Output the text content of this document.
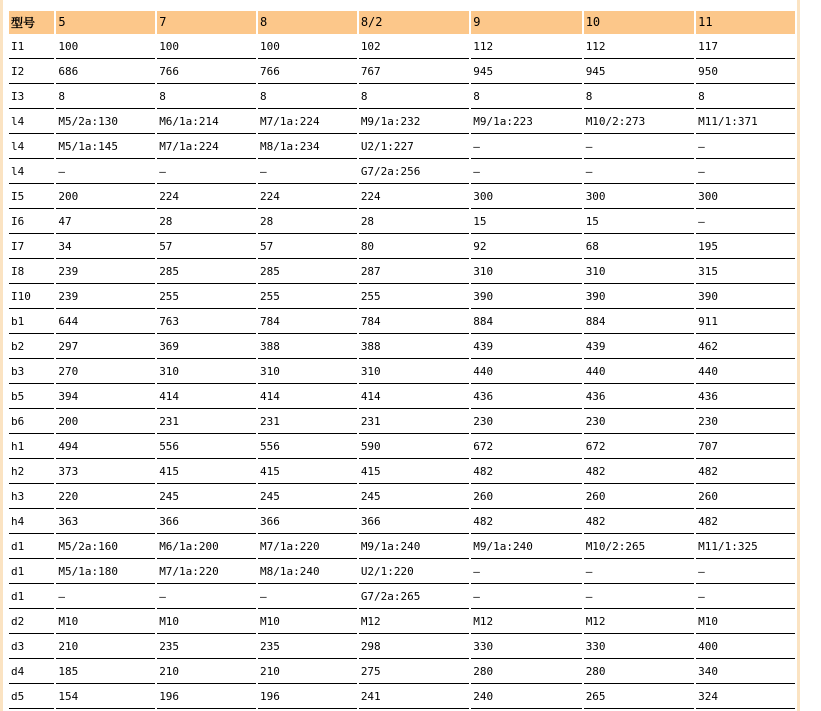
型号	5	7	8	8/2	9	10	11
I1	100	100	100	102	112	112	117
I2	686	766	766	767	945	945	950
I3	8	8	8	8	8	8	8
l4	M5/2a:130	M6/1a:214	M7/1a:224	M9/1a:232	M9/1a:223	M10/2:273	M11/1:371
l4	M5/1a:145	M7/1a:224	M8/1a:234	U2/1:227	—	—	—
l4	—	—	—	G7/2a:256	—	—	—
I5	200	224	224	224	300	300	300
I6	47	28	28	28	15	15	—
I7	34	57	57	80	92	68	195
I8	239	285	285	287	310	310	315
I10	239	255	255	255	390	390	390
b1	644	763	784	784	884	884	911
b2	297	369	388	388	439	439	462
b3	270	310	310	310	440	440	440
b5	394	414	414	414	436	436	436
b6	200	231	231	231	230	230	230
h1	494	556	556	590	672	672	707
h2	373	415	415	415	482	482	482
h3	220	245	245	245	260	260	260
h4	363	366	366	366	482	482	482
d1	M5/2a:160	M6/1a:200	M7/1a:220	M9/1a:240	M9/1a:240	M10/2:265	M11/1:325
d1	M5/1a:180	M7/1a:220	M8/1a:240	U2/1:220	—	—	—
d1	—	—	—	G7/2a:265	—	—	—
d2	M10	M10	M10	M12	M12	M12	M10
d3	210	235	235	298	330	330	400
d4	185	210	210	275	280	280	340
d5	154	196	196	241	240	265	324
